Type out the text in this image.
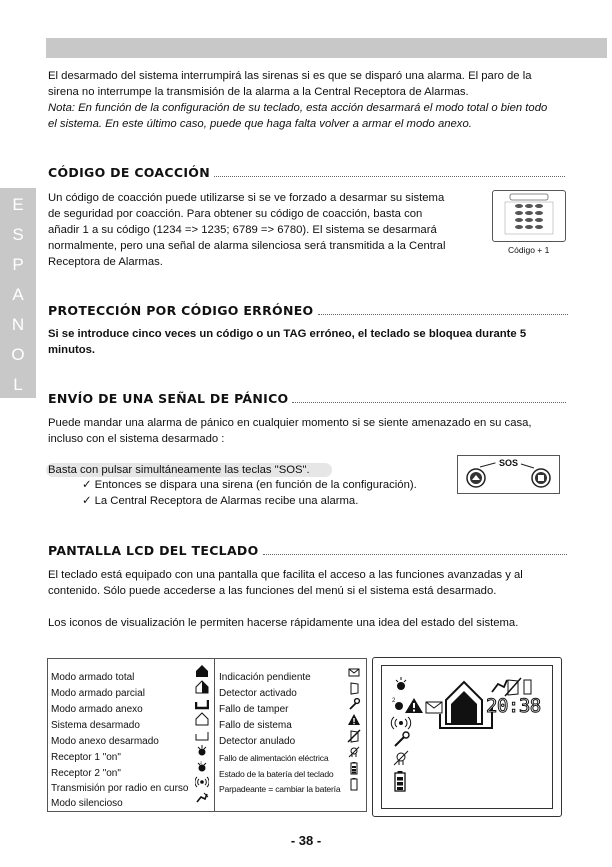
El desarmado del sistema interrumpirá las sirenas si es que se disparó una alarma. El paro de la

sirena no interrumpe la transmisión de la alarma a la Central Receptora de Alarmas.

Nota: En función de la configuración de su teclado, esta acción desarmará el modo total o bien todo

el sistema. En este último caso, puede que haga falta volver a armar el modo anexo.

E
S
P
A
N
O
L
CÓDIGO DE COACCIÓN

Un código de coacción puede utilizarse si se ve forzado a desarmar su sistema

de seguridad por coacción. Para obtener su código de coacción, basta con

añadir 1 a su código (1234 => 1235; 6789 => 6780). El sistema se desarmará

normalmente, pero una señal de alarma silenciosa será transmitida a la Central

Receptora de Alarmas.

Código + 1
PROTECCIÓN POR CÓDIGO ERRÓNEO

Si se introduce cinco veces un código o un TAG erróneo, el teclado se bloquea durante 5

minutos.

ENVÍO DE UNA SEÑAL DE PÁNICO

Puede mandar una alarma de pánico en cualquier momento si se siente amenazado en su casa,

incluso con el sistema desarmado :

Basta con pulsar simultáneamente las teclas "SOS".

✓ Entonces se dispara una sirena (en función de la configuración).
✓ La Central Receptora de Alarmas recibe una alarma.
SOS
PANTALLA LCD DEL TECLADO

El teclado está equipado con una pantalla que facilita el acceso a las funciones avanzadas y al

contenido. Sólo puede accederse a las funciones del menú si el sistema está desarmado.

Los iconos de visualización le permiten hacerse rápidamente una idea del estado del sistema.

Modo armado total
Modo armado parcial
Modo armado anexo
Sistema desarmado
Modo anexo desarmado
Receptor 1 "on"
Receptor 2 "on"
Transmisión por radio en curso
Modo silencioso
2
Indicación pendiente
Detector activado
Fallo de tamper
Fallo de sistema
Detector anulado
Fallo de alimentación eléctrica
Estado de la batería del teclado
Parpadeante = cambiar la batería
2	20:38
- 38 -
